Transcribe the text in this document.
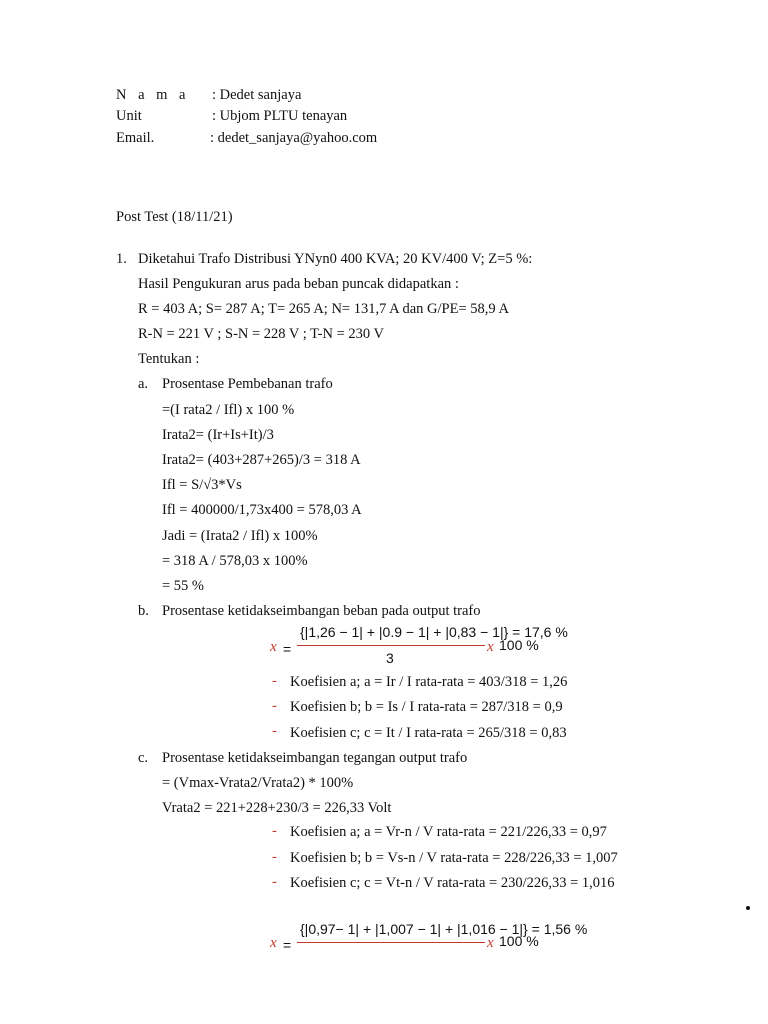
N a m a : Dedet sanjaya
Unit	: Ubjom PLTU tenayan
Email.	: dedet_sanjaya@yahoo.com
Post Test (18/11/21)
1. Diketahui Trafo Distribusi YNyn0 400 KVA; 20 KV/400 V; Z=5 %:
Hasil Pengukuran arus pada beban puncak didapatkan :
R = 403 A; S= 287 A; T= 265 A; N= 131,7 A dan G/PE= 58,9 A
R-N = 221 V ; S-N = 228 V ; T-N = 230 V
Tentukan :
a. Prosentase Pembebanan trafo
=(I rata2 / Ifl) x 100 %
Irata2= (Ir+Is+It)/3
Irata2= (403+287+265)/3 = 318 A
Ifl = S/√3*Vs
Ifl = 400000/1,73x400 = 578,03 A
Jadi = (Irata2 / Ifl) x 100%
= 318 A / 578,03 x 100%
= 55 %
b. Prosentase ketidakseimbangan beban pada output trafo
{|1,26 − 1| + |0.9 − 1| + |0,83 − 1|} = 17,6 %
x =	x 100 %
3
- Koefisien a; a = Ir / I rata-rata = 403/318 = 1,26
- Koefisien b; b = Is / I rata-rata = 287/318 = 0,9
- Koefisien c; c = It / I rata-rata = 265/318 = 0,83
c. Prosentase ketidakseimbangan tegangan output trafo
= (Vmax-Vrata2/Vrata2) * 100%
Vrata2 = 221+228+230/3 = 226,33 Volt
- Koefisien a; a = Vr-n / V rata-rata = 221/226,33 = 0,97
- Koefisien b; b = Vs-n / V rata-rata = 228/226,33 = 1,007
- Koefisien c; c = Vt-n / V rata-rata = 230/226,33 = 1,016
{|0,97− 1| + |1,007 − 1| + |1,016 − 1|} = 1,56 %
x =	x 100 %
